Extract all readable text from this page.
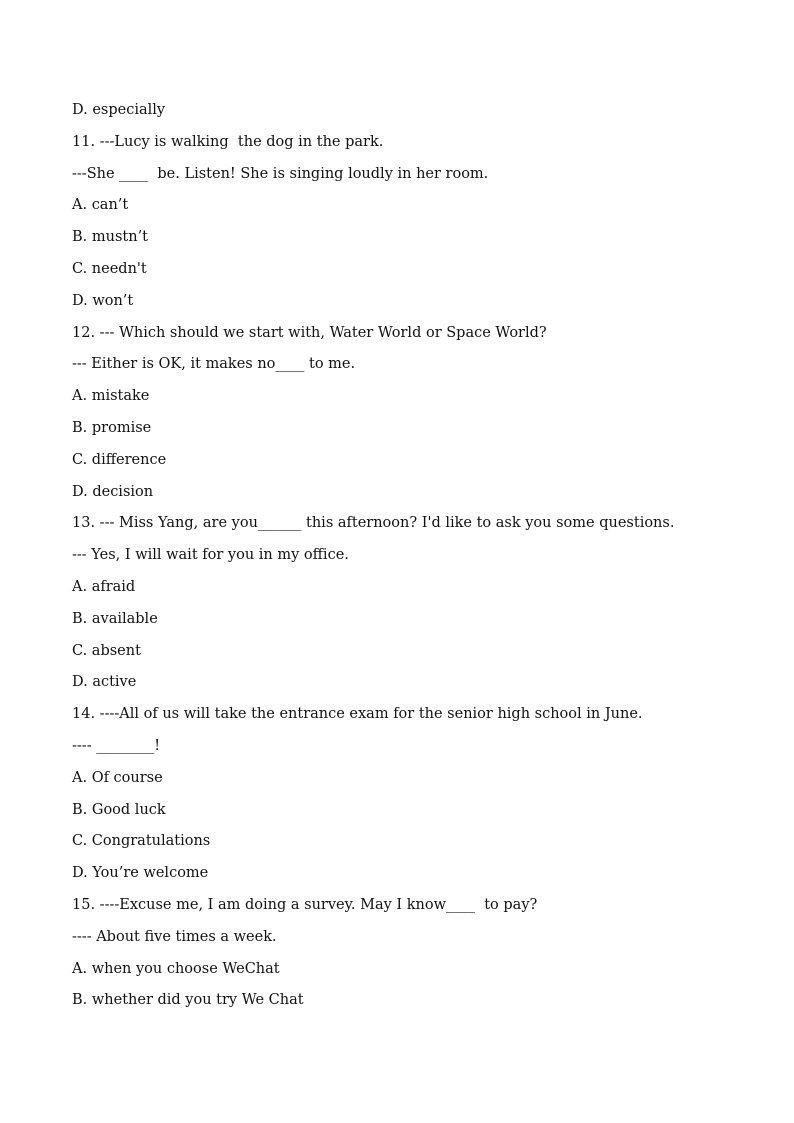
D. especially
11. ---Lucy is walking  the dog in the park.
---She ____  be. Listen! She is singing loudly in her room.
A. can’t
B. mustn’t
C. needn't
D. won’t
12. --- Which should we start with, Water World or Space World?
--- Either is OK, it makes no____ to me.
A. mistake
B. promise
C. difference
D. decision
13. --- Miss Yang, are you______ this afternoon? I'd like to ask you some questions.
--- Yes, I will wait for you in my office.
A. afraid
B. available
C. absent
D. active
14. ----All of us will take the entrance exam for the senior high school in June.
---- ________!
A. Of course
B. Good luck
C. Congratulations
D. You’re welcome
15. ----Excuse me, I am doing a survey. May I know____  to pay?
---- About five times a week.
A. when you choose WeChat
B. whether did you try We Chat
